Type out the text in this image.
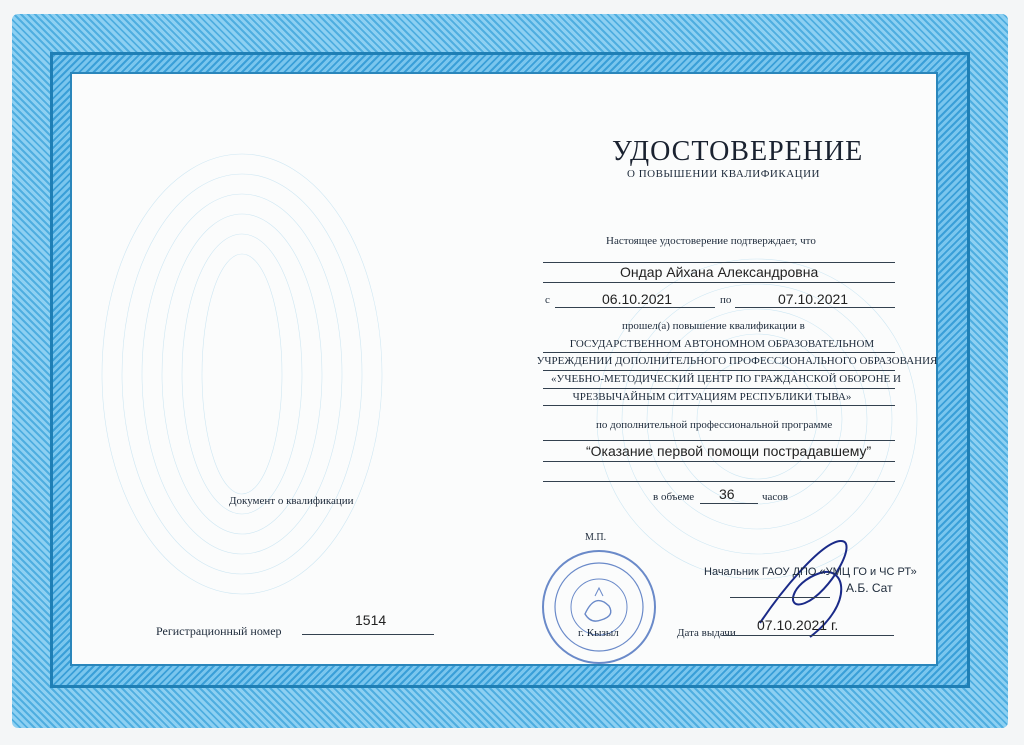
УДОСТОВЕРЕНИЕ
О ПОВЫШЕНИИ КВАЛИФИКАЦИИ
Настоящее удостоверение подтверждает, что
Ондар Айхана Александровна
с	06.10.2021	по	07.10.2021
прошел(а) повышение квалификации в
ГОСУДАРСТВЕННОМ АВТОНОМНОМ ОБРАЗОВАТЕЛЬНОМ
УЧРЕЖДЕНИИ ДОПОЛНИТЕЛЬНОГО ПРОФЕССИОНАЛЬНОГО ОБРАЗОВАНИЯ
«УЧЕБНО-МЕТОДИЧЕСКИЙ ЦЕНТР ПО ГРАЖДАНСКОЙ ОБОРОНЕ И
ЧРЕЗВЫЧАЙНЫМ СИТУАЦИЯМ РЕСПУБЛИКИ ТЫВА»
по дополнительной профессиональной программе
“Оказание первой помощи пострадавшему”
в объеме 36 часов
Документ о квалификации
Регистрационный номер
1514
М.П.
Начальник ГАОУ ДПО «УМЦ ГО и ЧС РТ»
А.Б. Сат
г. Кызыл	Дата выдачи 07.10.2021 г.
